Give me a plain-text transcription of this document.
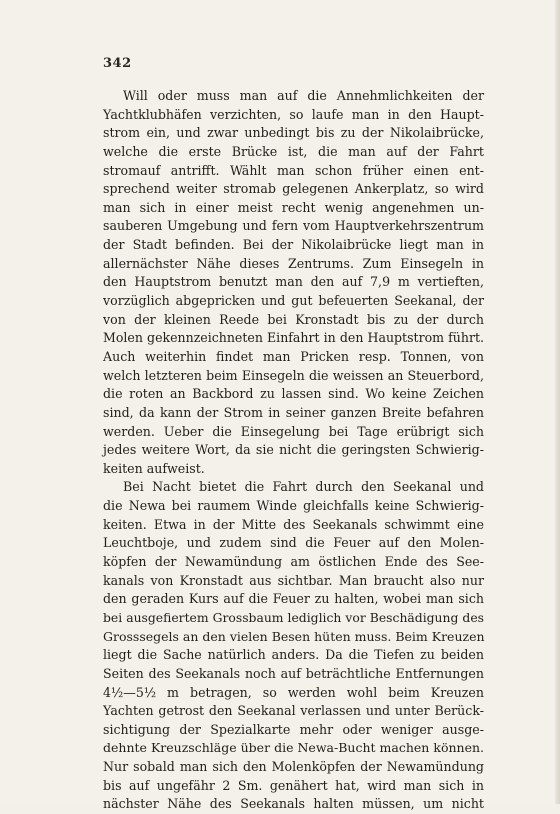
342
Will oder muss man auf die Annehmlichkeiten der
Yachtklubhäfen verzichten, so laufe man in den Haupt-
strom ein, und zwar unbedingt bis zu der Nikolaibrücke,
welche die erste Brücke ist, die man auf der Fahrt
stromauf antrifft. Wählt man schon früher einen ent-
sprechend weiter stromab gelegenen Ankerplatz, so wird
man sich in einer meist recht wenig angenehmen un-
sauberen Umgebung und fern vom Hauptverkehrszentrum
der Stadt befinden. Bei der Nikolaibrücke liegt man in
allernächster Nähe dieses Zentrums. Zum Einsegeln in
den Hauptstrom benutzt man den auf 7,9 m vertieften,
vorzüglich abgepricken und gut befeuerten Seekanal, der
von der kleinen Reede bei Kronstadt bis zu der durch
Molen gekennzeichneten Einfahrt in den Hauptstrom führt.
Auch weiterhin findet man Pricken resp. Tonnen, von
welch letzteren beim Einsegeln die weissen an Steuerbord,
die roten an Backbord zu lassen sind. Wo keine Zeichen
sind, da kann der Strom in seiner ganzen Breite befahren
werden. Ueber die Einsegelung bei Tage erübrigt sich
jedes weitere Wort, da sie nicht die geringsten Schwierig-
keiten aufweist.
Bei Nacht bietet die Fahrt durch den Seekanal und
die Newa bei raumem Winde gleichfalls keine Schwierig-
keiten. Etwa in der Mitte des Seekanals schwimmt eine
Leuchtboje, und zudem sind die Feuer auf den Molen-
köpfen der Newamündung am östlichen Ende des See-
kanals von Kronstadt aus sichtbar. Man braucht also nur
den geraden Kurs auf die Feuer zu halten, wobei man sich
bei ausgefiertem Grossbaum lediglich vor Beschädigung des
Grosssegels an den vielen Besen hüten muss. Beim Kreuzen
liegt die Sache natürlich anders. Da die Tiefen zu beiden
Seiten des Seekanals noch auf beträchtliche Entfernungen
4½—5½ m betragen, so werden wohl beim Kreuzen
Yachten getrost den Seekanal verlassen und unter Berück-
sichtigung der Spezialkarte mehr oder weniger ausge-
dehnte Kreuzschläge über die Newa-Bucht machen können.
Nur sobald man sich den Molenköpfen der Newamündung
bis auf ungefähr 2 Sm. genähert hat, wird man sich in
nächster Nähe des Seekanals halten müssen, um nicht
